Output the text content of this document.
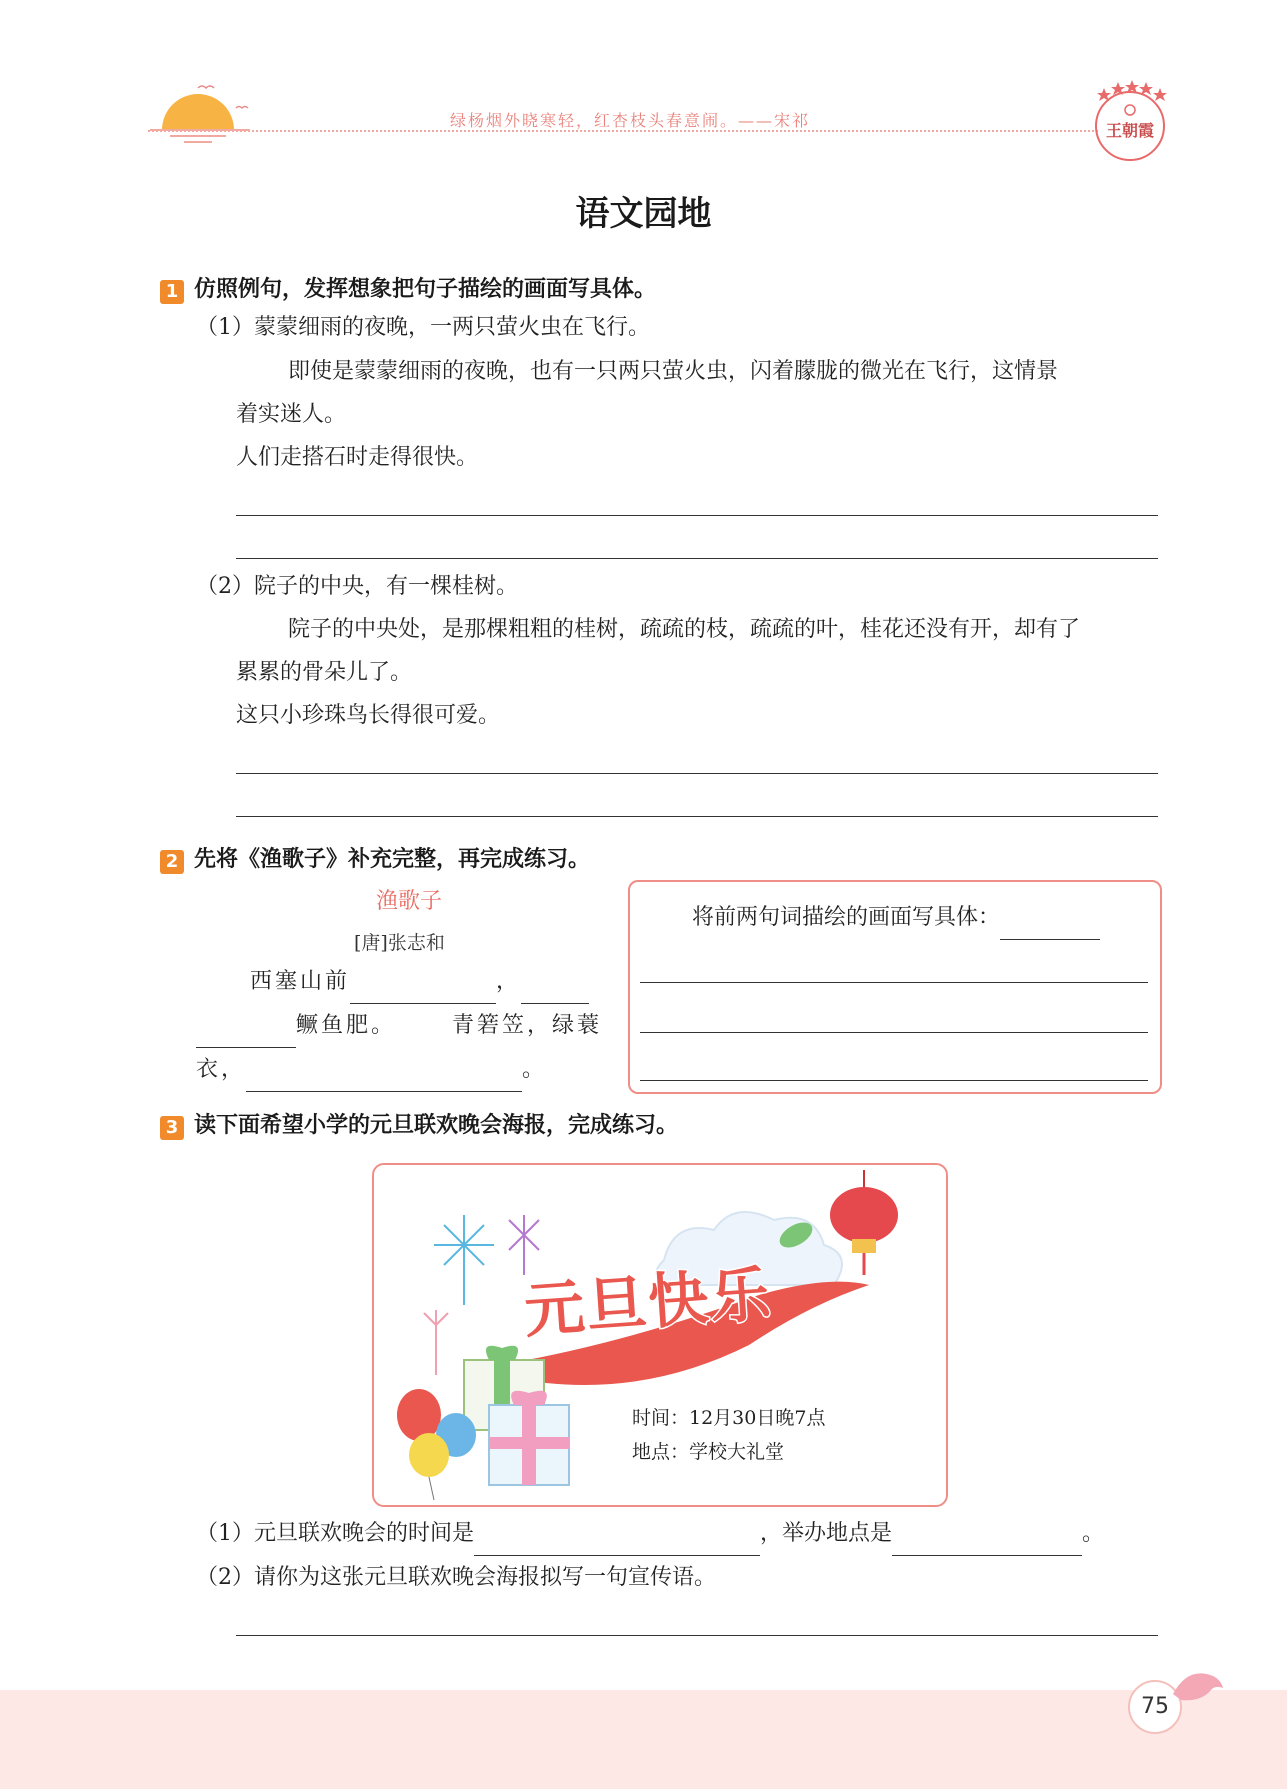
绿杨烟外晓寒轻，红杏枝头春意闹。——宋祁
王朝霞
语文园地
1 仿照例句，发挥想象把句子描绘的画面写具体。
（1）蒙蒙细雨的夜晚，一两只萤火虫在飞行。
即使是蒙蒙细雨的夜晚，也有一只两只萤火虫，闪着朦胧的微光在飞行，这情景
着实迷人。
人们走搭石时走得很快。
（2）院子的中央，有一棵桂树。
院子的中央处，是那棵粗粗的桂树，疏疏的枝，疏疏的叶，桂花还没有开，却有了
累累的骨朵儿了。
这只小珍珠鸟长得很可爱。
2 先将《渔歌子》补充完整，再完成练习。
渔歌子
[唐]张志和
西塞山前	，
鳜鱼肥。	青箬笠，绿蓑
衣，	。
将前两句词描绘的画面写具体：
3 读下面希望小学的元旦联欢晚会海报，完成练习。
元旦快乐
时间：12月30日晚7点
地点：学校大礼堂
（1）元旦联欢晚会的时间是	，举办地点是	。
（2）请你为这张元旦联欢晚会海报拟写一句宣传语。
75
